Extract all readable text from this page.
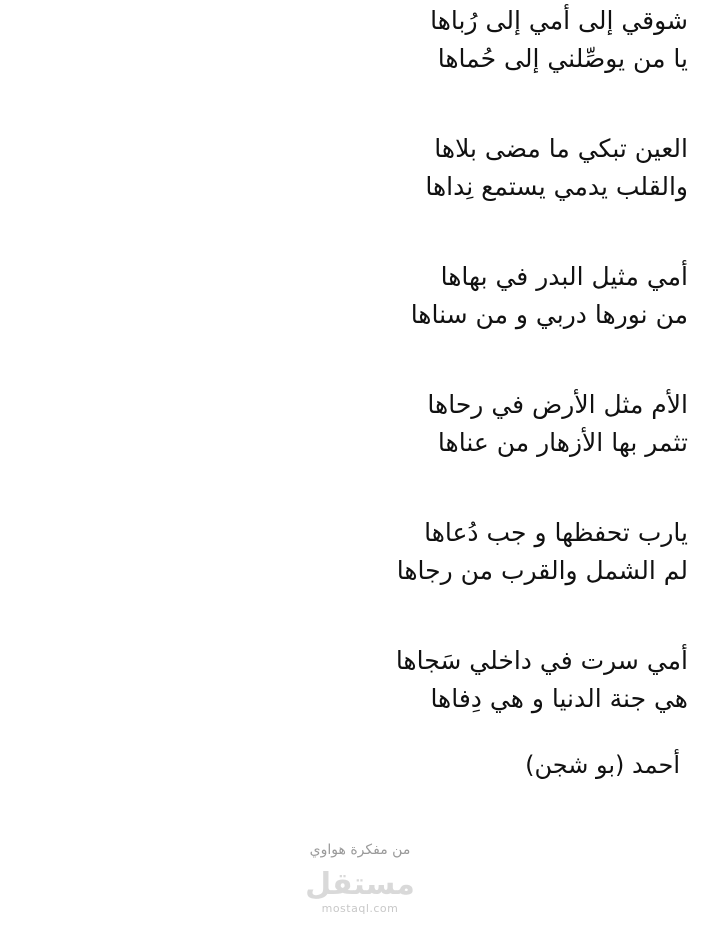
شوقي إلى أمي إلى رُباها
يا من يوصِّلني إلى حُماها
العين تبكي ما مضى بلاها
والقلب يدمي يستمع نِداها
أمي مثيل البدر في بهاها
من نورها دربي و من سناها
الأم مثل الأرض في رحاها
تثمر بها الأزهار من عناها
يارب تحفظها و جب دُعاها
لم الشمل والقرب من رجاها
أمي سرت في داخلي سَجاها
هي جنة الدنيا و هي دِفاها
أحمد (بو شجن)
من مفكرة هواوي
مستقل
mostaql.com
